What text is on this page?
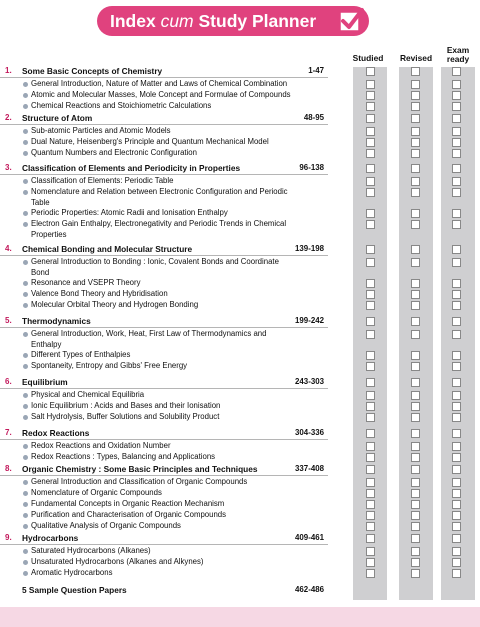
Index cum Study Planner
Studied	Revised
Exam ready
1. Some Basic Concepts of Chemistry	1-47
General Introduction, Nature of Matter and Laws of Chemical Combination
Atomic and Molecular Masses, Mole Concept and Formulae of Compounds
Chemical Reactions and Stoichiometric Calculations
2. Structure of Atom	48-95
Sub-atomic Particles and Atomic Models
Dual Nature, Heisenberg's Principle and Quantum Mechanical Model
Quantum Numbers and Electronic Configuration
3. Classification of Elements and Periodicity in Properties	96-138
Classification of Elements: Periodic Table
Nomenclature and Relation between Electronic Configuration and Periodic Table
Periodic Properties: Atomic Radii and Ionisation Enthalpy
Electron Gain Enthalpy, Electronegativity and Periodic Trends in Chemical Properties
4. Chemical Bonding and Molecular Structure	139-198
General Introduction to Bonding : Ionic, Covalent Bonds and Coordinate Bond
Resonance and VSEPR Theory
Valence Bond Theory and Hybridisation
Molecular Orbital Theory and Hydrogen Bonding
5. Thermodynamics	199-242
General Introduction, Work, Heat, First Law of Thermodynamics and Enthalpy
Different Types of Enthalpies
Spontaneity, Entropy and Gibbs' Free Energy
6. Equilibrium	243-303
Physical and Chemical Equilibria
Ionic Equilibrium : Acids and Bases and their Ionisation
Salt Hydrolysis, Buffer Solutions and Solubility Product
7. Redox Reactions	304-336
Redox Reactions and Oxidation Number
Redox Reactions : Types, Balancing and Applications
8. Organic Chemistry : Some Basic Principles and Techniques	337-408
General Introduction and Classification of Organic Compounds
Nomenclature of Organic Compounds
Fundamental Concepts in Organic Reaction Mechanism
Purification and Characterisation of Organic Compounds
Qualitative Analysis of Organic Compounds
9. Hydrocarbons	409-461
Saturated Hydrocarbons (Alkanes)
Unsaturated Hydrocarbons (Alkanes and Alkynes)
Aromatic Hydrocarbons
5 Sample Question Papers	462-486
